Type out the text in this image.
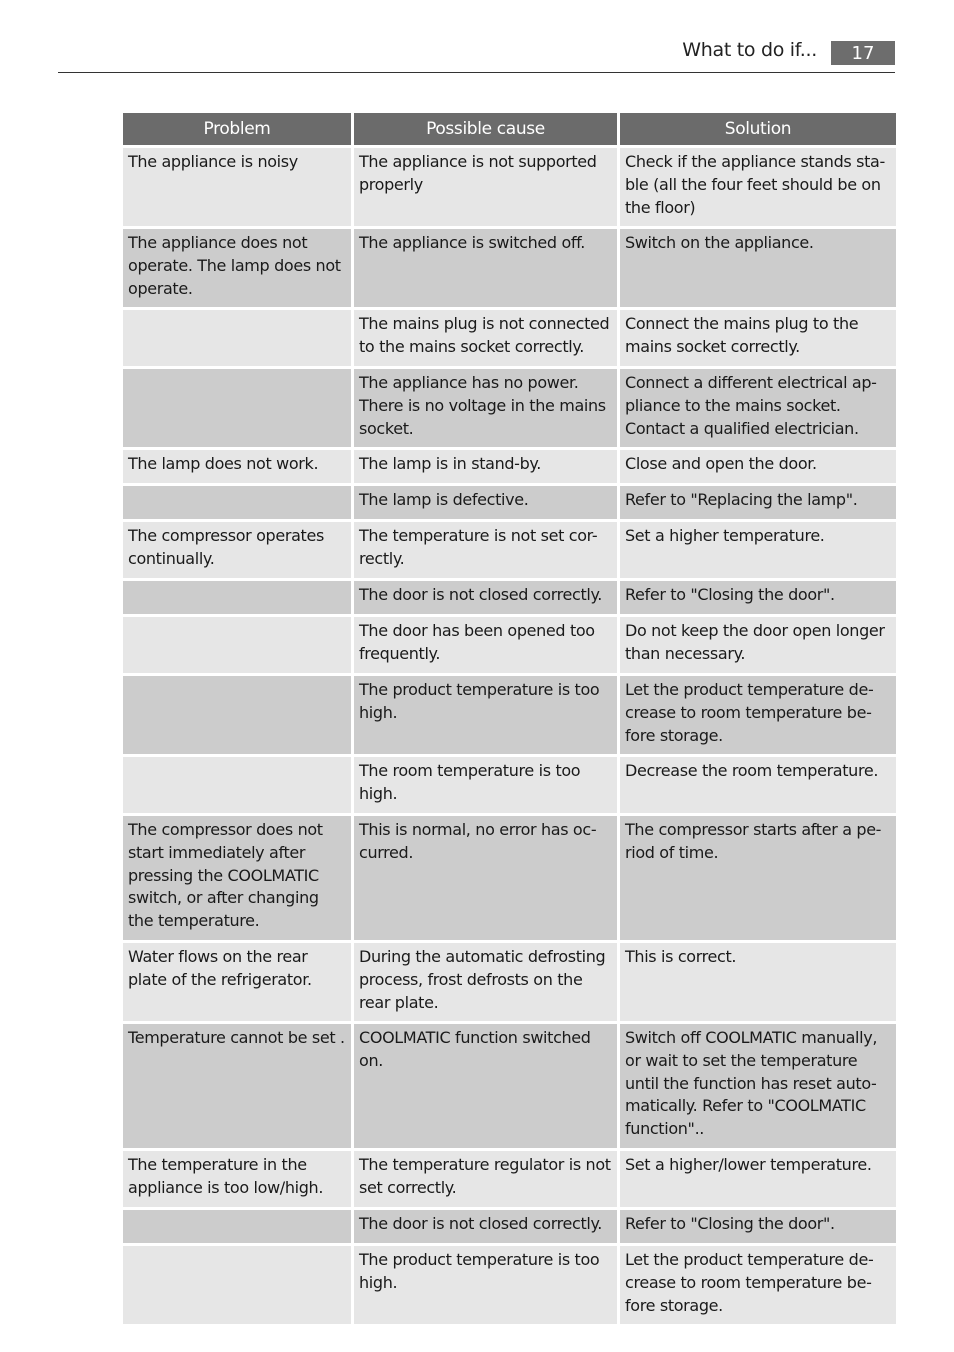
What to do if...	17
Problem	Possible cause	Solution
The appliance is noisy	The appliance is not supported properly	Check if the appliance stands sta-ble (all the four feet should be on the floor)
The appliance does not operate. The lamp does not operate.	The appliance is switched off.	Switch on the appliance.
	The mains plug is not connected to the mains socket correctly.	Connect the mains plug to the mains socket correctly.
	The appliance has no power. There is no voltage in the mains socket.	Connect a different electrical ap-pliance to the mains socket. Contact a qualified electrician.
The lamp does not work.	The lamp is in stand-by.	Close and open the door.
	The lamp is defective.	Refer to "Replacing the lamp".
The compressor operates continually.	The temperature is not set cor-rectly.	Set a higher temperature.
	The door is not closed correctly.	Refer to "Closing the door".
	The door has been opened too frequently.	Do not keep the door open longer than necessary.
	The product temperature is too high.	Let the product temperature de-crease to room temperature be-fore storage.
	The room temperature is too high.	Decrease the room temperature.
The compressor does not start immediately after pressing the COOLMATIC switch, or after changing the temperature.	This is normal, no error has oc-curred.	The compressor starts after a pe-riod of time.
Water flows on the rear plate of the refrigerator.	During the automatic defrosting process, frost defrosts on the rear plate.	This is correct.
Temperature cannot be set .	COOLMATIC function switched on.	Switch off COOLMATIC manually, or wait to set the temperature until the function has reset auto-matically. Refer to "COOLMATIC function"..
The temperature in the appliance is too low/high.	The temperature regulator is not set correctly.	Set a higher/lower temperature.
	The door is not closed correctly.	Refer to "Closing the door".
	The product temperature is too high.	Let the product temperature de-crease to room temperature be-fore storage.
